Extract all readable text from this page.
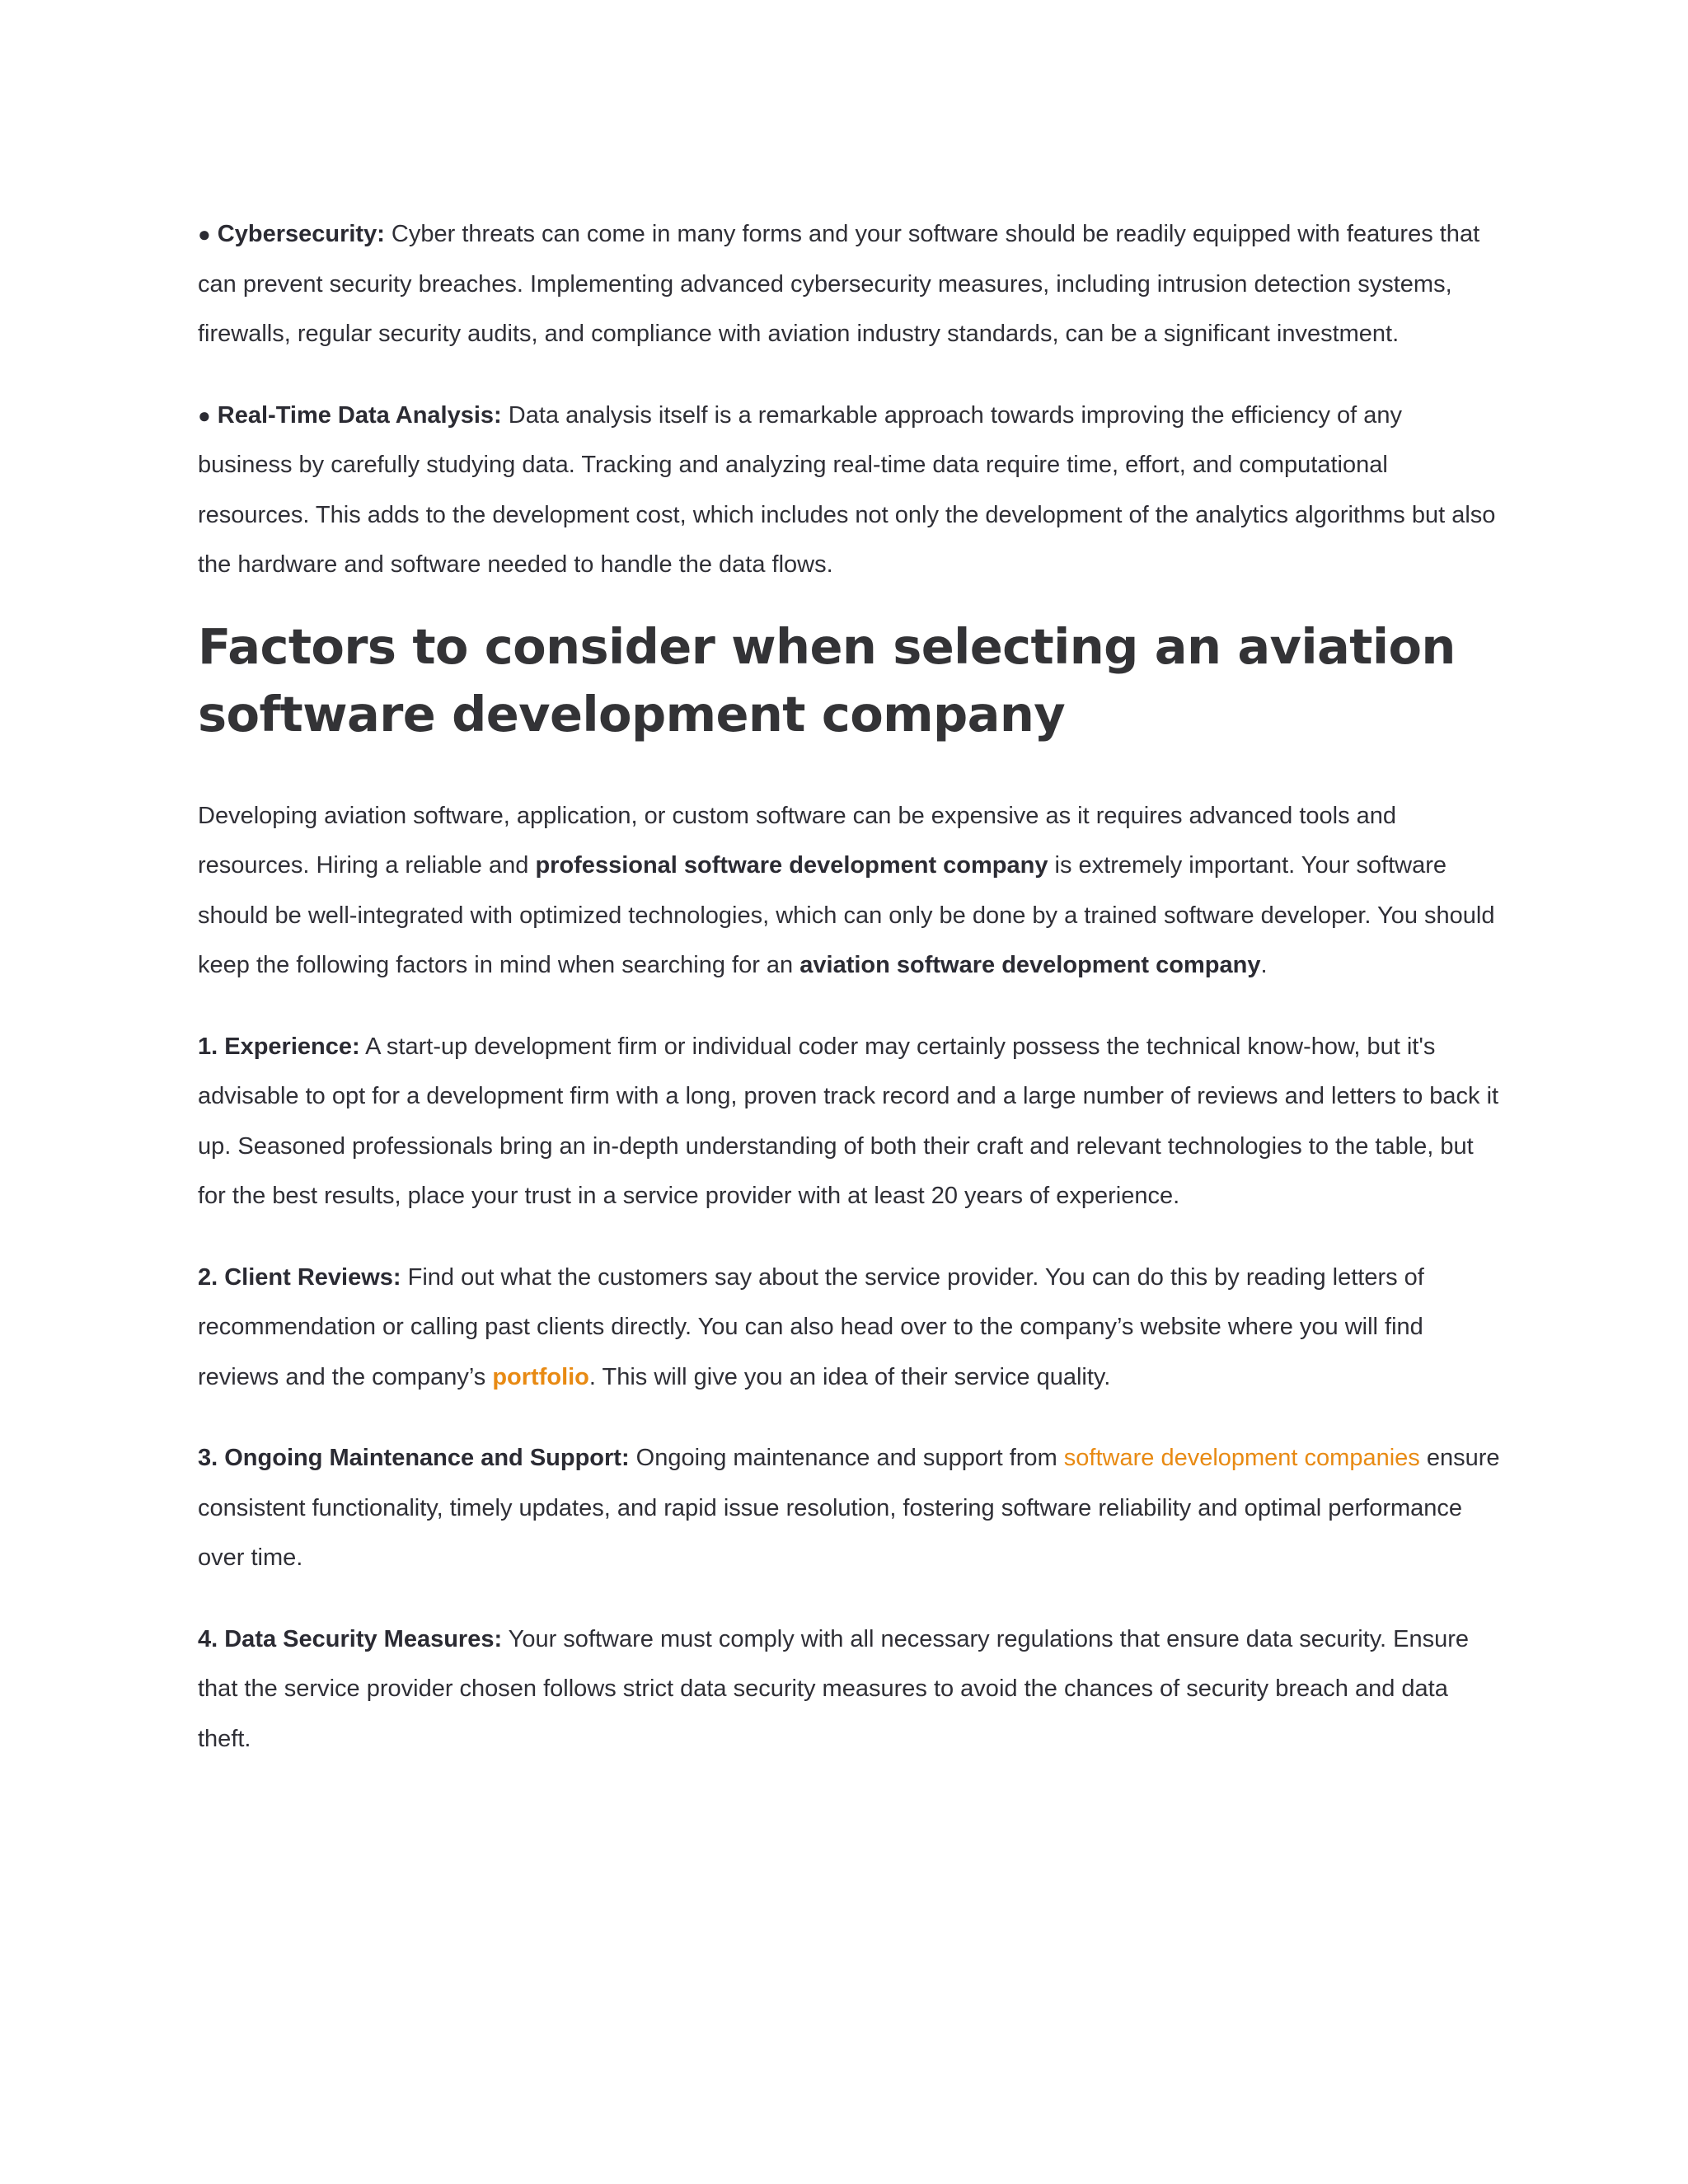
● Cybersecurity: Cyber threats can come in many forms and your software should be readily equipped with features that can prevent security breaches. Implementing advanced cybersecurity measures, including intrusion detection systems, firewalls, regular security audits, and compliance with aviation industry standards, can be a significant investment.

● Real-Time Data Analysis: Data analysis itself is a remarkable approach towards improving the efficiency of any business by carefully studying data. Tracking and analyzing real-time data require time, effort, and computational resources. This adds to the development cost, which includes not only the development of the analytics algorithms but also the hardware and software needed to handle the data flows.

Factors to consider when selecting an aviation software development company

Developing aviation software, application, or custom software can be expensive as it requires advanced tools and resources. Hiring a reliable and professional software development company is extremely important. Your software should be well-integrated with optimized technologies, which can only be done by a trained software developer. You should keep the following factors in mind when searching for an aviation software development company.

1. Experience: A start-up development firm or individual coder may certainly possess the technical know-how, but it's advisable to opt for a development firm with a long, proven track record and a large number of reviews and letters to back it up. Seasoned professionals bring an in-depth understanding of both their craft and relevant technologies to the table, but for the best results, place your trust in a service provider with at least 20 years of experience.

2. Client Reviews: Find out what the customers say about the service provider. You can do this by reading letters of recommendation or calling past clients directly. You can also head over to the company’s website where you will find reviews and the company’s portfolio. This will give you an idea of their service quality.

3. Ongoing Maintenance and Support: Ongoing maintenance and support from software development companies ensure consistent functionality, timely updates, and rapid issue resolution, fostering software reliability and optimal performance over time.

4. Data Security Measures: Your software must comply with all necessary regulations that ensure data security. Ensure that the service provider chosen follows strict data security measures to avoid the chances of security breach and data theft.
